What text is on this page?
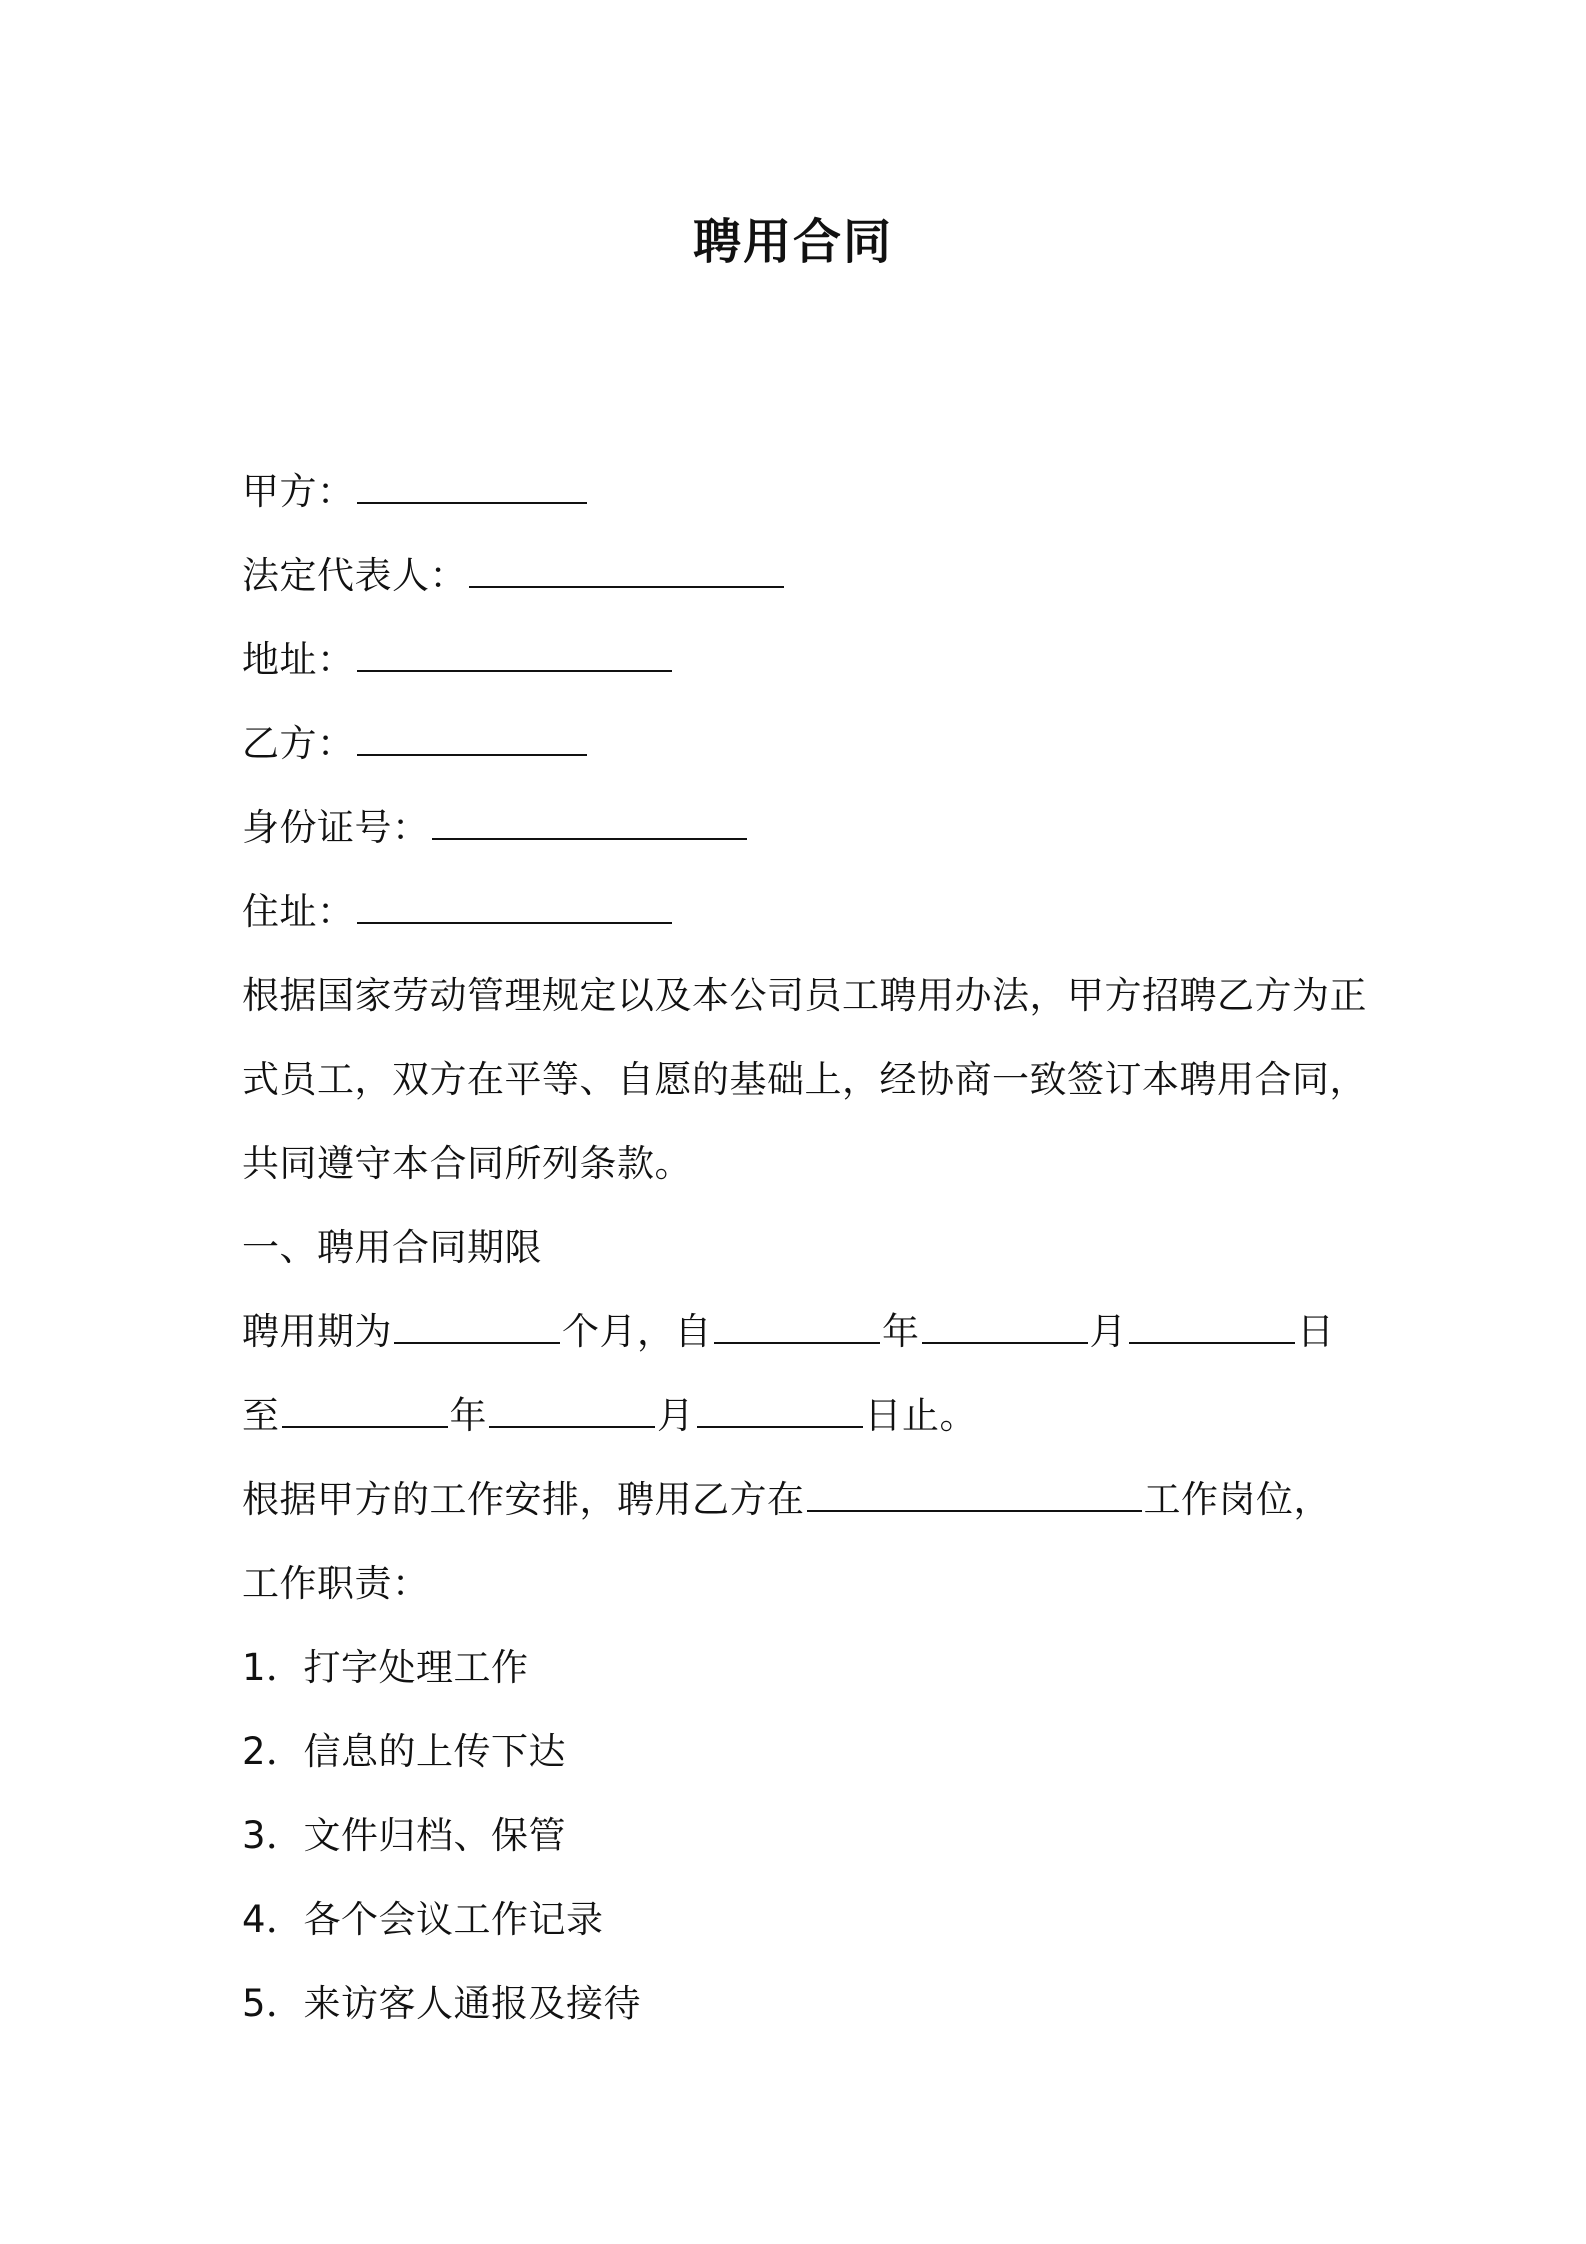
聘用合同
甲方：
法定代表人：
地址：
乙方：
身份证号：
住址：
根据国家劳动管理规定以及本公司员工聘用办法，甲方招聘乙方为正
式员工，双方在平等、自愿的基础上，经协商一致签订本聘用合同，
共同遵守本合同所列条款。
一、聘用合同期限
聘用期为	个月，自	年	月	日
至	年	月	日止。
根据甲方的工作安排，聘用乙方在	工作岗位，
工作职责：
1．打字处理工作
2．信息的上传下达
3．文件归档、保管
4．各个会议工作记录
5．来访客人通报及接待
